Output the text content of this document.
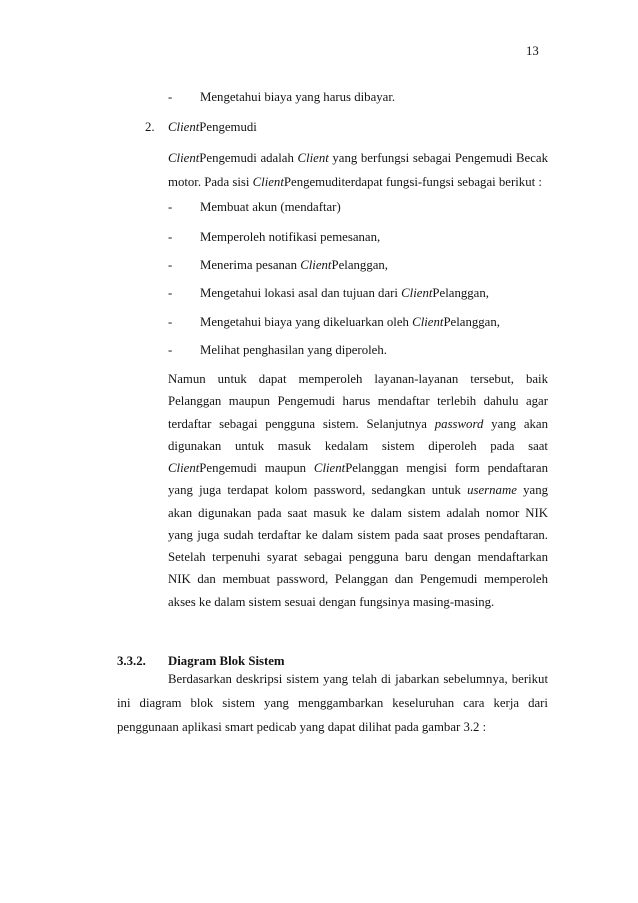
13
- Mengetahui biaya yang harus dibayar.
2. ClientPengemudi
ClientPengemudi adalah Client yang berfungsi sebagai Pengemudi Becak
motor. Pada sisi ClientPengemuditerdapat fungsi-fungsi sebagai berikut :
- Membuat akun (mendaftar)
- Memperoleh notifikasi pemesanan,
- Menerima pesanan ClientPelanggan,
- Mengetahui lokasi asal dan tujuan dari ClientPelanggan,
- Mengetahui biaya yang dikeluarkan oleh ClientPelanggan,
- Melihat penghasilan yang diperoleh.
Namun untuk dapat memperoleh layanan-layanan tersebut, baik
Pelanggan maupun Pengemudi harus mendaftar terlebih dahulu agar
terdaftar sebagai pengguna sistem. Selanjutnya password yang akan
digunakan untuk masuk kedalam sistem diperoleh pada saat
ClientPengemudi maupun ClientPelanggan mengisi form pendaftaran
yang juga terdapat kolom password, sedangkan untuk username yang
akan digunakan pada saat masuk ke dalam sistem adalah nomor NIK
yang juga sudah terdaftar ke dalam sistem pada saat proses pendaftaran.
Setelah terpenuhi syarat sebagai pengguna baru dengan mendaftarkan
NIK dan membuat password, Pelanggan dan Pengemudi memperoleh
akses ke dalam sistem sesuai dengan fungsinya masing-masing.
3.3.2. Diagram Blok Sistem
Berdasarkan deskripsi sistem yang telah di jabarkan sebelumnya, berikut
ini diagram blok sistem yang menggambarkan keseluruhan cara kerja dari
penggunaan aplikasi smart pedicab yang dapat dilihat pada gambar 3.2 :
